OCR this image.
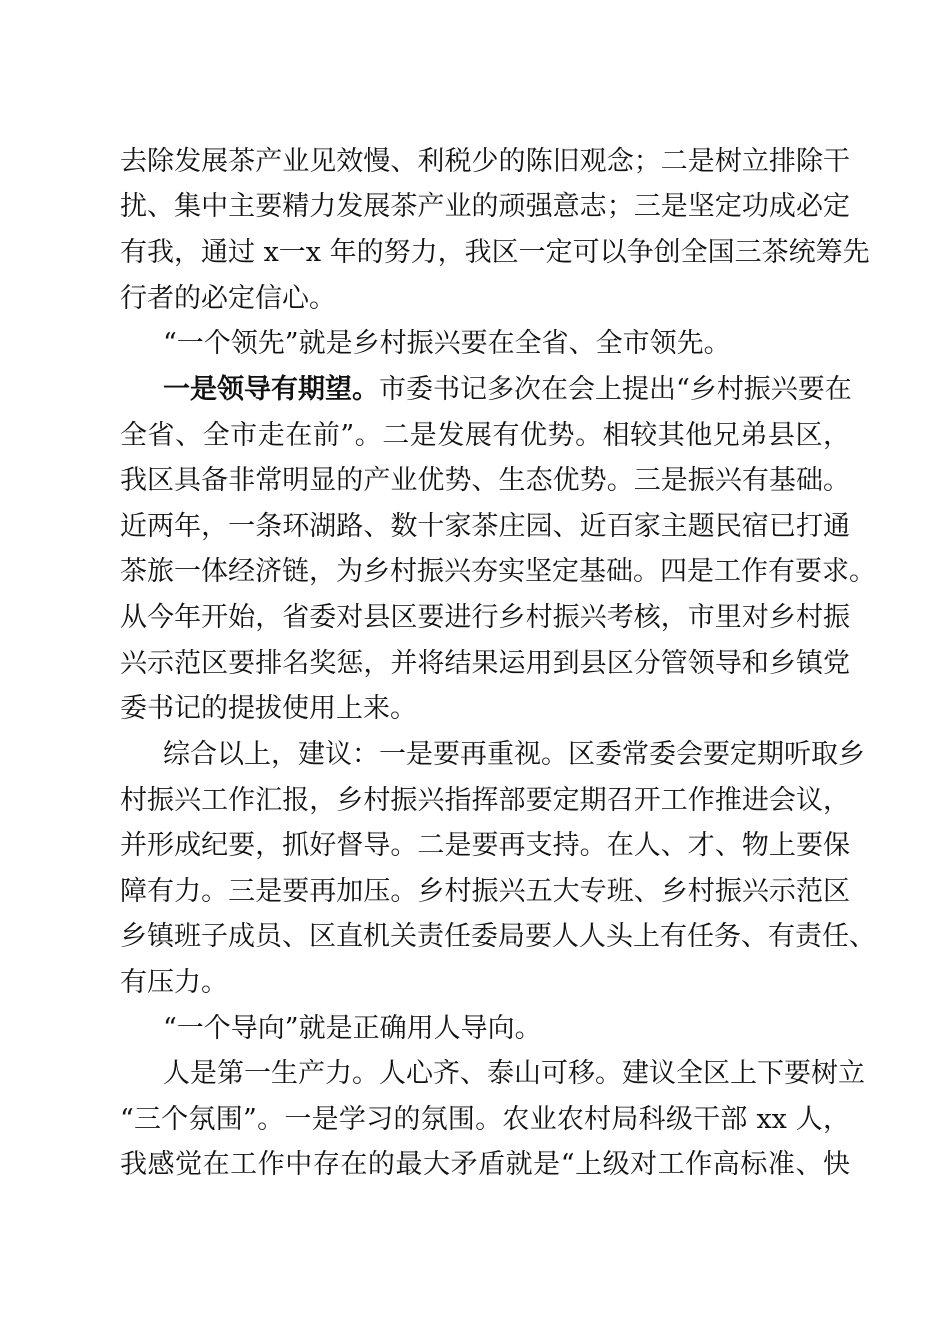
去除发展茶产业见效慢、利税少的陈旧观念；二是树立排除干
扰、集中主要精力发展茶产业的顽强意志；三是坚定功成必定
有我，通过 x一x 年的努力，我区一定可以争创全国三茶统筹先
行者的必定信心。
“一个领先”就是乡村振兴要在全省、全市领先。
一是领导有期望。市委书记多次在会上提出“乡村振兴要在
全省、全市走在前”。二是发展有优势。相较其他兄弟县区，
我区具备非常明显的产业优势、生态优势。三是振兴有基础。
近两年，一条环湖路、数十家茶庄园、近百家主题民宿已打通
茶旅一体经济链，为乡村振兴夯实坚定基础。四是工作有要求。
从今年开始，省委对县区要进行乡村振兴考核，市里对乡村振
兴示范区要排名奖惩，并将结果运用到县区分管领导和乡镇党
委书记的提拔使用上来。
综合以上，建议：一是要再重视。区委常委会要定期听取乡
村振兴工作汇报，乡村振兴指挥部要定期召开工作推进会议，
并形成纪要，抓好督导。二是要再支持。在人、才、物上要保
障有力。三是要再加压。乡村振兴五大专班、乡村振兴示范区
乡镇班子成员、区直机关责任委局要人人头上有任务、有责任、
有压力。
“一个导向”就是正确用人导向。
人是第一生产力。人心齐、泰山可移。建议全区上下要树立
“三个氛围”。一是学习的氛围。农业农村局科级干部 xx 人，
我感觉在工作中存在的最大矛盾就是“上级对工作高标准、快
